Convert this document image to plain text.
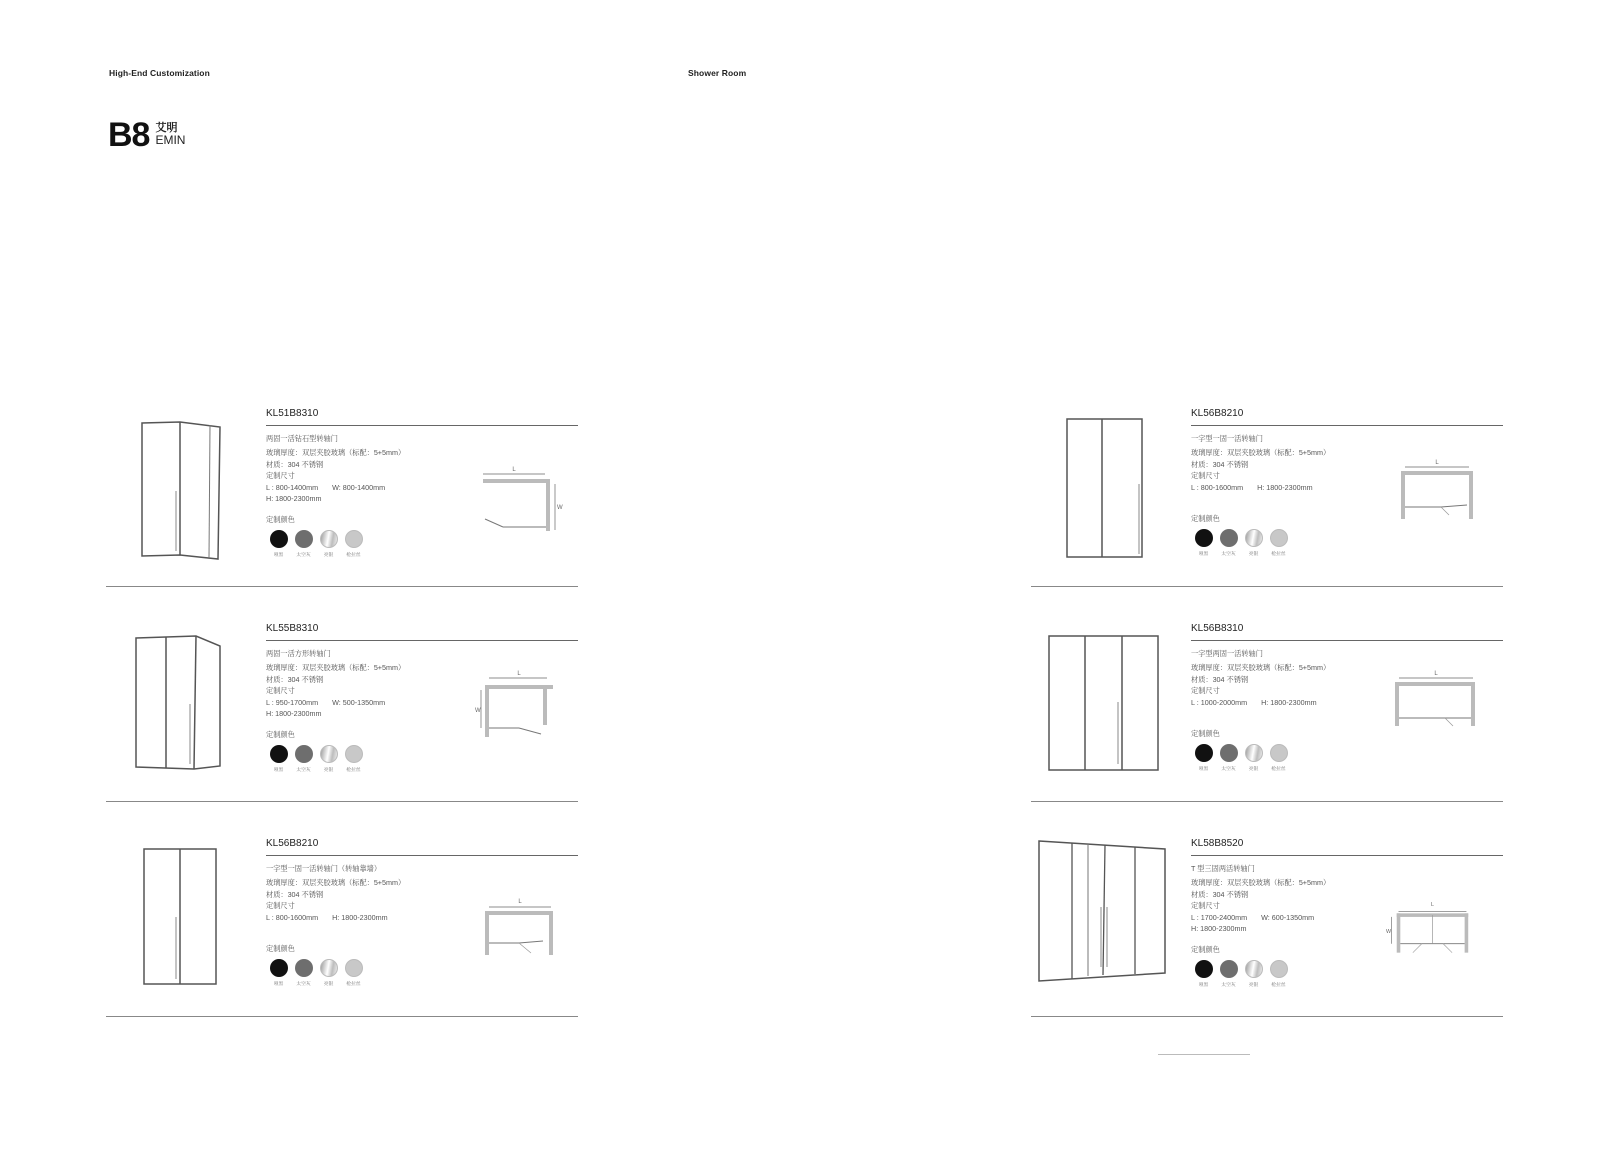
High-End Customization	Shower Room
B8 艾明
EMIN
KL51B8310
两固一活钻石型转轴门
玻璃厚度：双层夹胶玻璃（标配：5+5mm）
材质：304 不锈钢
定制尺寸
L : 800-1400mm W: 800-1400mm
H: 1800-2300mm
定制颜色
哑黑	太空灰	亮银	枪拉丝
L
W
KL55B8310
两固一活方形转轴门
玻璃厚度：双层夹胶玻璃（标配：5+5mm）
材质：304 不锈钢
定制尺寸
L : 950-1700mm W: 500-1350mm
H: 1800-2300mm
定制颜色
哑黑	太空灰	亮银	枪拉丝
L
W
KL56B8210
一字型一固一活转轴门（转轴靠墙）
玻璃厚度：双层夹胶玻璃（标配：5+5mm）
材质：304 不锈钢
定制尺寸
L : 800-1600mm H: 1800-2300mm
定制颜色
哑黑	太空灰	亮银	枪拉丝
L
KL56B8210
一字型一固一活转轴门
玻璃厚度：双层夹胶玻璃（标配：5+5mm）
材质：304 不锈钢
定制尺寸
L : 800-1600mm H: 1800-2300mm
定制颜色
哑黑	太空灰	亮银	枪拉丝
L
KL56B8310
一字型两固一活转轴门
玻璃厚度：双层夹胶玻璃（标配：5+5mm）
材质：304 不锈钢
定制尺寸
L : 1000-2000mm H: 1800-2300mm
定制颜色
哑黑	太空灰	亮银	枪拉丝
L
KL58B8520
T 型三固两活转轴门
玻璃厚度：双层夹胶玻璃（标配：5+5mm）
材质：304 不锈钢
定制尺寸
L : 1700-2400mm W: 600-1350mm
H: 1800-2300mm
定制颜色
哑黑	太空灰	亮银	枪拉丝
L
W
